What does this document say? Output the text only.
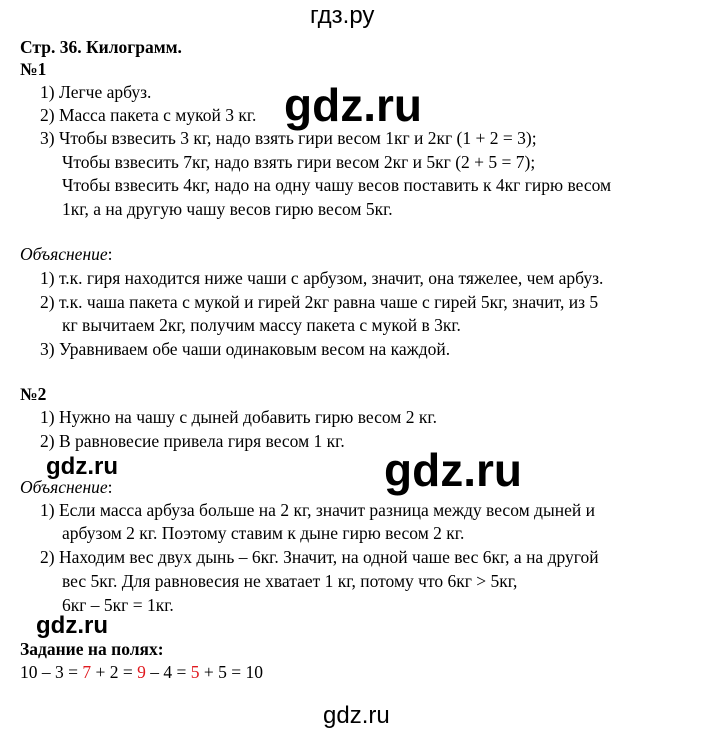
гдз.ру
gdz.ru
gdz.ru
gdz.ru
gdz.ru
gdz.ru
Стр. 36. Килограмм.
№1
1) Легче арбуз.
2) Масса пакета с мукой 3 кг.
3) Чтобы взвесить 3 кг, надо взять гири весом 1кг и 2кг (1 + 2 = 3);
Чтобы взвесить 7кг, надо взять гири весом 2кг и 5кг (2 + 5 = 7);
Чтобы взвесить 4кг, надо на одну чашу весов поставить к 4кг гирю весом
1кг, а на другую чашу весов гирю весом 5кг.
Объяснение:
1) т.к. гиря находится ниже чаши с арбузом, значит, она тяжелее, чем арбуз.
2) т.к. чаша пакета с мукой и гирей 2кг равна чаше с гирей 5кг, значит, из 5
кг вычитаем 2кг, получим массу пакета с мукой в 3кг.
3) Уравниваем обе чаши одинаковым весом на каждой.
№2
1) Нужно на чашу с дыней добавить гирю весом 2 кг.
2) В равновесие привела гиря весом 1 кг.
Объяснение:
1) Если масса арбуза больше на 2 кг, значит разница между весом дыней и
арбузом 2 кг. Поэтому ставим к дыне гирю весом 2 кг.
2) Находим вес двух дынь – 6кг. Значит, на одной чаше вес 6кг, а на другой
вес 5кг. Для равновесия не хватает 1 кг, потому что 6кг > 5кг,
6кг – 5кг = 1кг.
Задание на полях:
10 – 3 = 7 + 2 = 9 – 4 = 5 + 5 = 10
